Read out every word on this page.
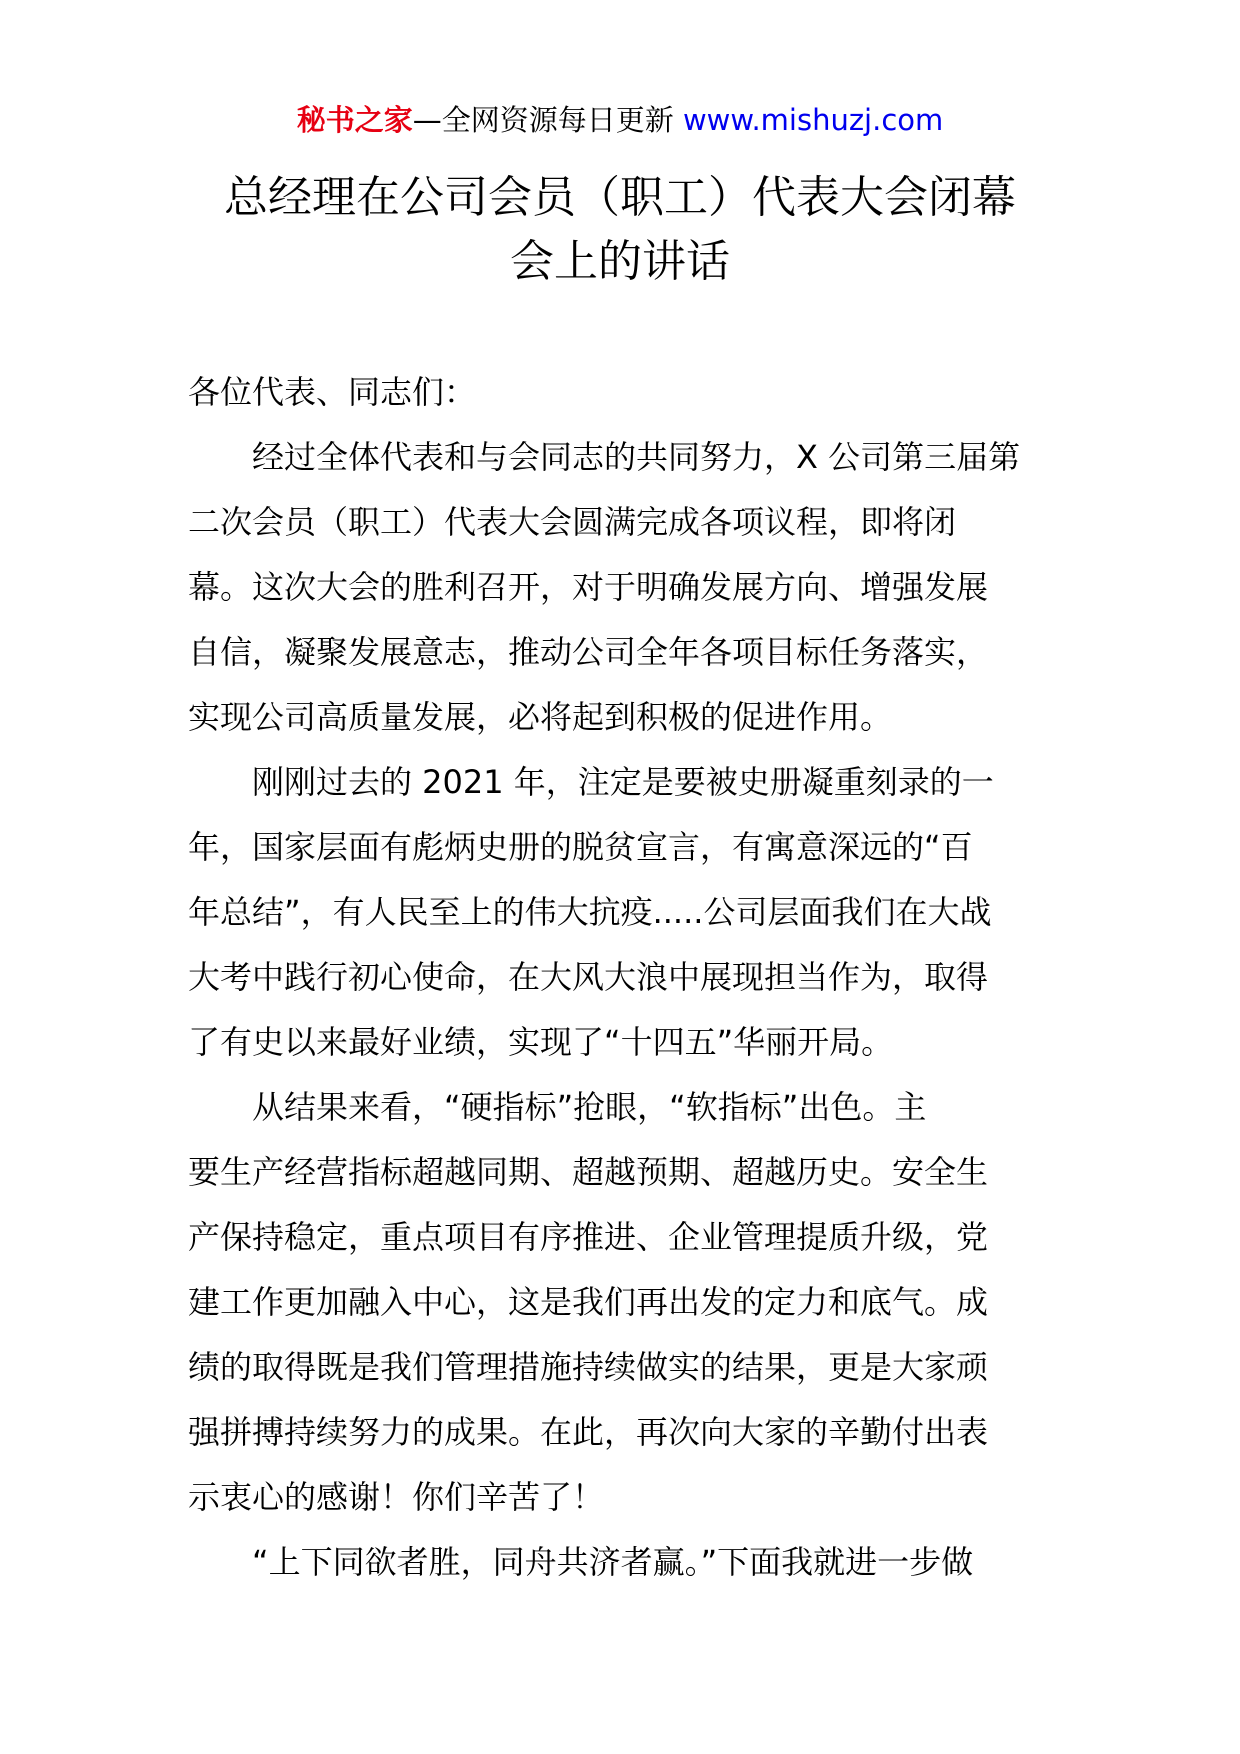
秘书之家—全网资源每日更新 www.mishuzj.com
总经理在公司会员（职工）代表大会闭幕
会上的讲话
各位代表、同志们：
经过全体代表和与会同志的共同努力，X 公司第三届第
二次会员（职工）代表大会圆满完成各项议程，即将闭
幕。这次大会的胜利召开，对于明确发展方向、增强发展
自信，凝聚发展意志，推动公司全年各项目标任务落实，
实现公司高质量发展，必将起到积极的促进作用。
刚刚过去的 2021 年，注定是要被史册凝重刻录的一
年，国家层面有彪炳史册的脱贫宣言，有寓意深远的“百
年总结”，有人民至上的伟大抗疫.....公司层面我们在大战
大考中践行初心使命，在大风大浪中展现担当作为，取得
了有史以来最好业绩，实现了“十四五”华丽开局。
从结果来看，“硬指标”抢眼，“软指标”出色。主
要生产经营指标超越同期、超越预期、超越历史。安全生
产保持稳定，重点项目有序推进、企业管理提质升级，党
建工作更加融入中心，这是我们再出发的定力和底气。成
绩的取得既是我们管理措施持续做实的结果，更是大家顽
强拼搏持续努力的成果。在此，再次向大家的辛勤付出表
示衷心的感谢！你们辛苦了！
“上下同欲者胜，同舟共济者赢。”下面我就进一步做
